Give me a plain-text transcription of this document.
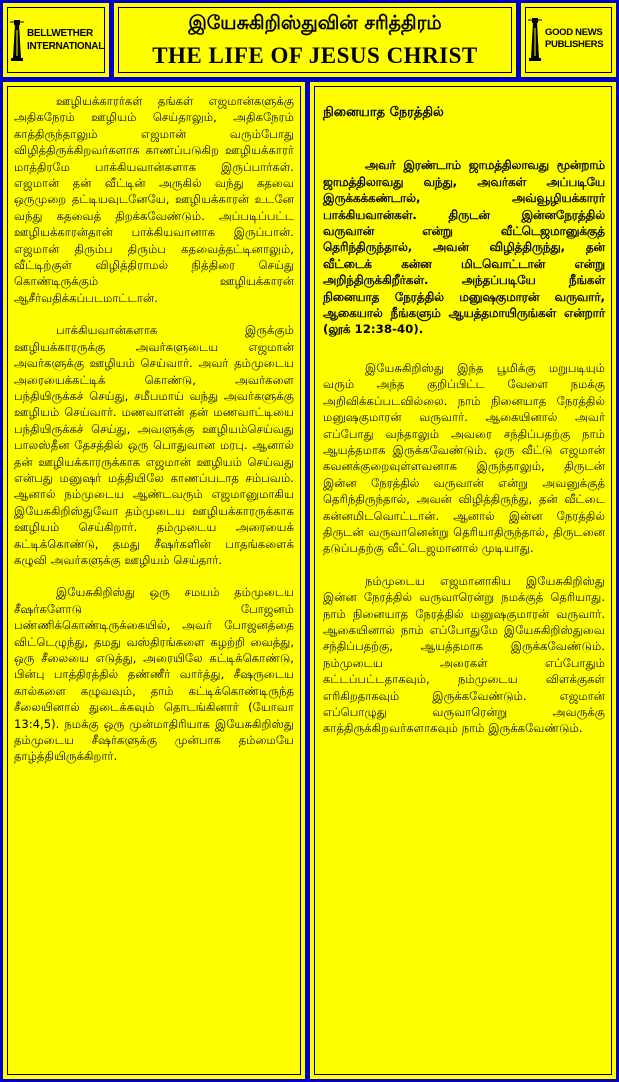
BELLWETHER
INTERNATIONAL
இயேசுகிறிஸ்துவின் சரித்திரம்
THE LIFE OF JESUS CHRIST
GOOD NEWS
PUBLISHERS

ஊழியக்காரர்கள் தங்கள் எஜமான்களுக்கு அதிகநேரம் ஊழியம் செய்தாலும், அதிகநேரம் காத்திருந்தாலும் எஜமான் வரும்போது விழித்திருக்கிறவர்களாக காணப்படுகிற ஊழியக்காரர் மாத்திரமே பாக்கியவான்களாக இருப்பார்கள். எஜமான் தன் வீட்டின் அருகில் வந்து கதவை ஒருமுறை தட்டியவுடனேயே, ஊழியக்காரன் உடனே வந்து கதவைத் திறக்கவேண்டும். அப்படிப்பட்ட ஊழியக்காரன்தான் பாக்கியவானாக இருப்பான். எஜமான் திரும்ப திரும்ப கதவைத்தட்டினாலும், வீட்டிற்குள் விழித்திராமல் நித்திரை செய்து கொண்டிருக்கும் ஊழியக்காரன் ஆசீர்வதிக்கப்படமாட்டான்.

பாக்கியவான்களாக இருக்கும் ஊழியக்காரருக்கு அவர்களுடைய எஜமான் அவர்களுக்கு ஊழியம் செய்வார். அவர் தம்முடைய அரையைக்கட்டிக் கொண்டு, அவர்களை பந்தியிருக்கச் செய்து, சமீபமாய் வந்து அவர்களுக்கு ஊழியம் செய்வார். மணவாளன் தன் மணவாட்டியை பந்தியிருக்கச் செய்து, அவளுக்கு ஊழியம்செய்வது பாலஸ்தீன தேசத்தில் ஒரு பொதுவான மரபு. ஆனால் தன் ஊழியக்காரருக்காக எஜமான் ஊழியம் செய்வது என்பது மனுஷர் மத்தியிலே காணப்படாத சம்பவம். ஆனால் நம்முடைய ஆண்டவரும் எஜமானுமாகிய இயேசுகிறிஸ்துவோ தம்முடைய ஊழியக்காரருக்காக ஊழியம் செய்கிறார். தம்முடைய அரையைக் கட்டிக்கொண்டு, தமது சீஷர்களின் பாதங்களைக் கழுவி அவர்களுக்கு ஊழியம் செய்தார்.

இயேசுகிறிஸ்து ஒரு சமயம் தம்முடைய சீஷர்களோடு போஜனம் பண்ணிக்கொண்டிருக்கையில், அவர் போஜனத்தை விட்டெழுந்து, தமது வஸ்திரங்களை கழற்றி வைத்து, ஒரு சீலையை எடுத்து, அரையிலே கட்டிக்கொண்டு, பின்பு பாத்திரத்தில் தண்ணீர் வார்த்து, சீஷருடைய கால்களை கழுவவும், தாம் கட்டிக்கொண்டிருந்த சீலையினால் துடைக்கவும் தொடங்கினார் (யோவா 13:4,5). நமக்கு ஒரு முன்மாதிரியாக இயேசுகிறிஸ்து தம்முடைய சீஷர்களுக்கு முன்பாக தம்மையே தாழ்த்தியிருக்கிறார்.

நினையாத நேரத்தில்
அவர் இரண்டாம் ஜாமத்திலாவது மூன்றாம் ஜாமத்திலாவது வந்து, அவர்கள் அப்படியே இருக்கக்கண்டால், அவ்வூழியக்காரர் பாக்கியவான்கள். திருடன் இன்னநேரத்தில் வருவான் என்று வீட்டெஜமானுக்குத் தெரிந்திருந்தால், அவன் விழித்திருந்து, தன் வீட்டைக் கன்ன மிடவொட்டான் என்று அறிந்திருக்கிறீர்கள். அந்தப்படியே நீங்கள் நினையாத நேரத்தில் மனுஷகுமாரன் வருவார், ஆகையால் நீங்களும் ஆயத்தமாயிருங்கள் என்றார் (லூக் 12:38-40).

இயேசுகிறிஸ்து இந்த பூமிக்கு மறுபடியும் வரும் அந்த குறிப்பிட்ட வேளை நமக்கு அறிவிக்கப்படவில்லை. நாம் நினையாத நேரத்தில் மனுஷகுமாரன் வருவார். ஆகையினால் அவர் எப்போது வந்தாலும் அவரை சந்திப்பதற்கு நாம் ஆயத்தமாக இருக்கவேண்டும். ஒரு வீட்டு எஜமான் கவனக்குறைவுள்ளவனாக இருந்தாலும், திருடன் இன்ன நேரத்தில் வருவான் என்று அவனுக்குத் தெரிந்திருந்தால், அவன் விழித்திருந்து, தன் வீட்டை கன்னமிடவொட்டான். ஆனால் இன்ன நேரத்தில் திருடன் வருவானென்று தெரியாதிருந்தால், திருடனை தடுப்பதற்கு வீட்டெஜமானால் முடியாது.

நம்முடைய எஜமானாகிய இயேசுகிறிஸ்து இன்ன நேரத்தில் வருவாரென்று நமக்குத் தெரியாது. நாம் நினையாத நேரத்தில் மனுஷகுமாரன் வருவார். ஆகையினால் நாம் எப்போதுமே இயேசுகிறிஸ்துவை சந்திப்பதற்கு, ஆயத்தமாக இருக்கவேண்டும். நம்முடைய அரைகள் எப்போதும் கட்டப்பட்டதாகவும், நம்முடைய விளக்குகள் எரிகிறதாகவும் இருக்கவேண்டும். எஜமான் எப்பொழுது வருவாரென்று அவருக்கு காத்திருக்கிறவர்களாகவும் நாம் இருக்கவேண்டும்.
